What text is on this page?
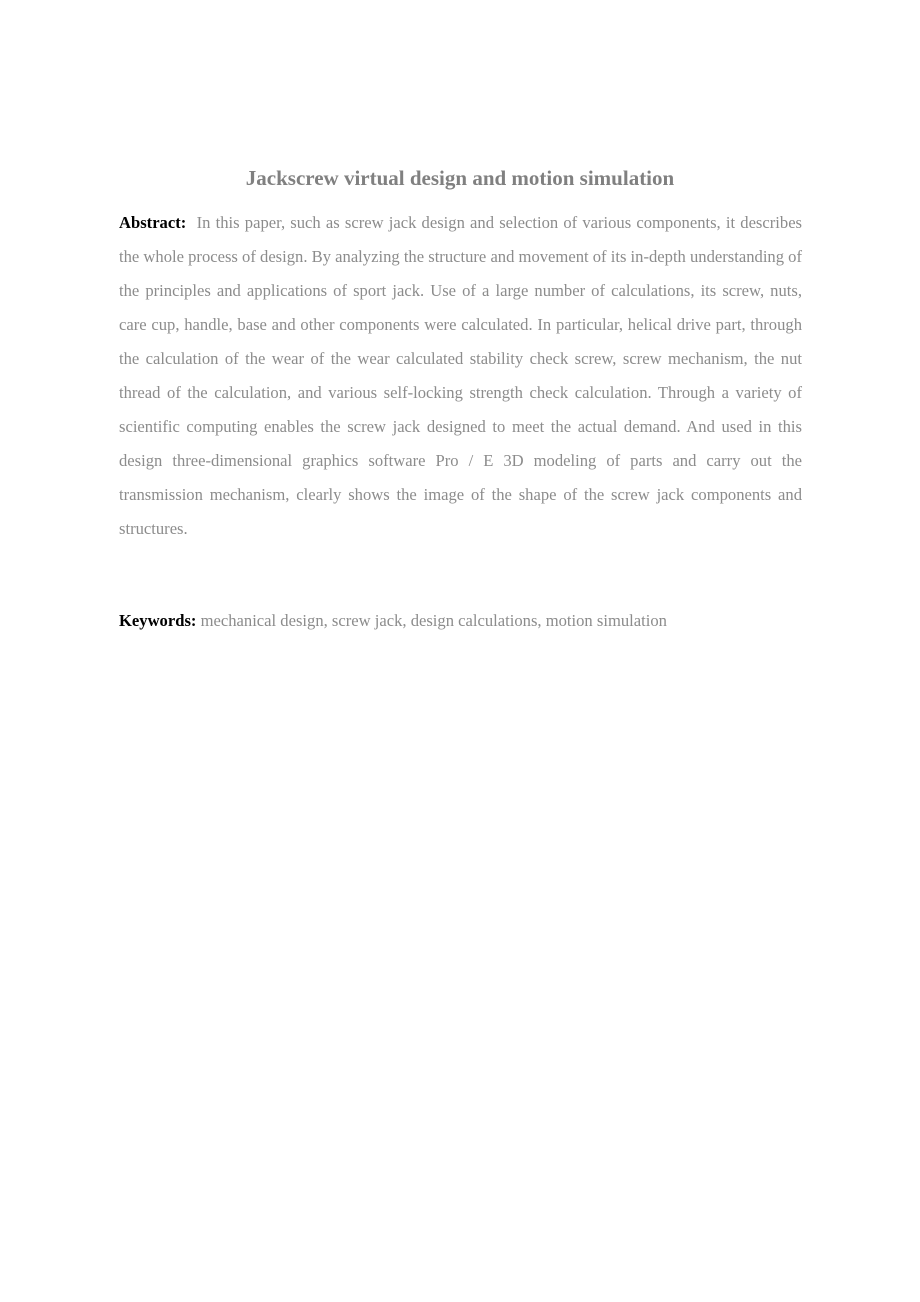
Jackscrew virtual design and motion simulation

Abstract: In this paper, such as screw jack design and selection of various components, it describes the whole process of design. By analyzing the structure and movement of its in-depth understanding of the principles and applications of sport jack. Use of a large number of calculations, its screw, nuts, care cup, handle, base and other components were calculated. In particular, helical drive part, through the calculation of the wear of the wear calculated stability check screw, screw mechanism, the nut thread of the calculation, and various self-locking strength check calculation. Through a variety of scientific computing enables the screw jack designed to meet the actual demand. And used in this design three-dimensional graphics software Pro / E 3D modeling of parts and carry out the transmission mechanism, clearly shows the image of the shape of the screw jack components and structures.

Keywords: mechanical design, screw jack, design calculations, motion simulation
